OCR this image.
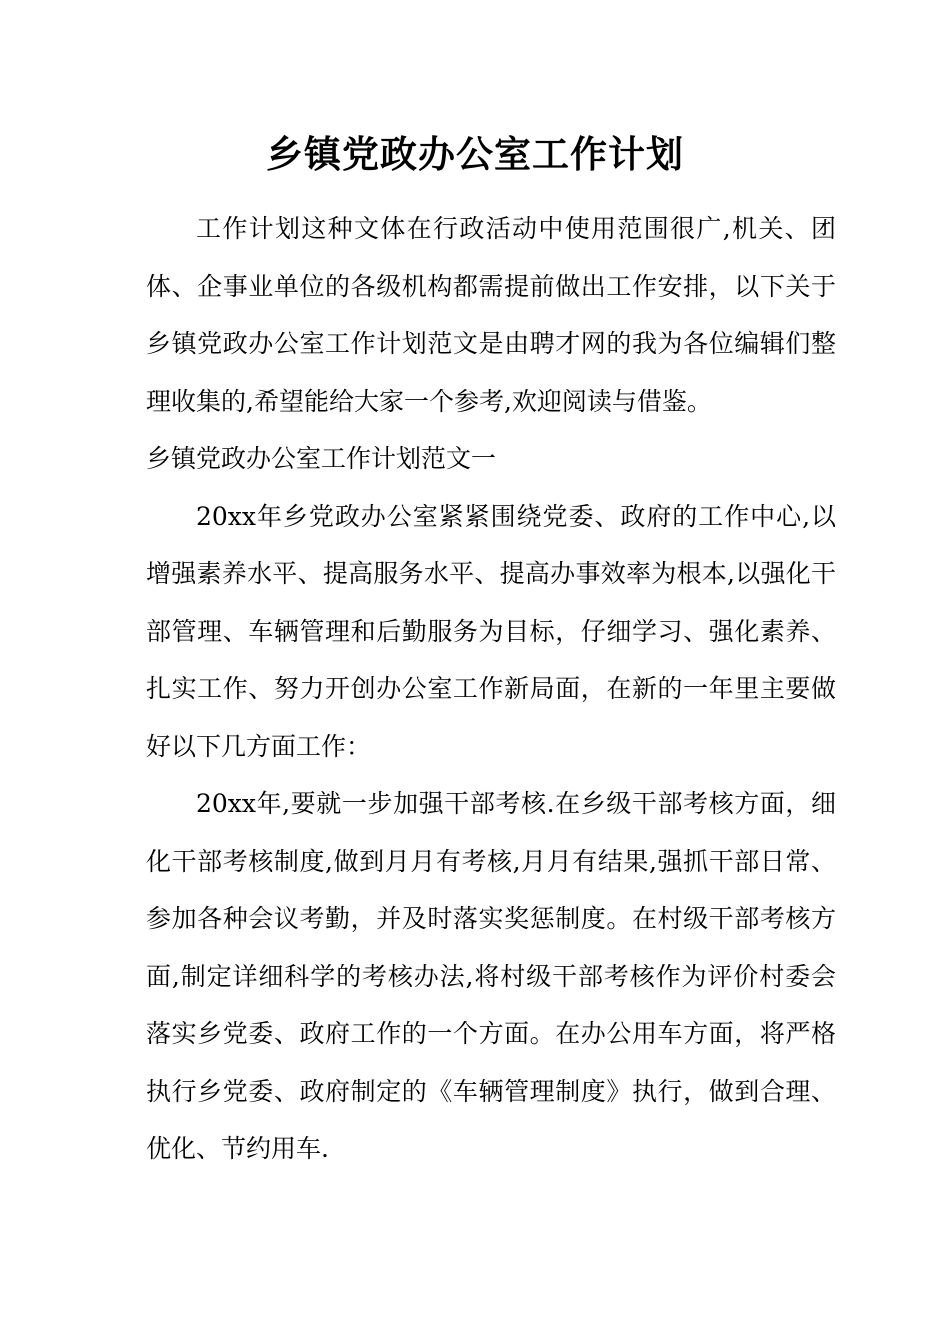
乡镇党政办公室工作计划

工作计划这种文体在行政活动中使用范围很广,机关、团体、企事业单位的各级机构都需提前做出工作安排，以下关于乡镇党政办公室工作计划范文是由聘才网的我为各位编辑们整理收集的,希望能给大家一个参考,欢迎阅读与借鉴。

乡镇党政办公室工作计划范文一

20xx年乡党政办公室紧紧围绕党委、政府的工作中心,以增强素养水平、提高服务水平、提高办事效率为根本,以强化干部管理、车辆管理和后勤服务为目标，仔细学习、强化素养、扎实工作、努力开创办公室工作新局面，在新的一年里主要做好以下几方面工作：

20xx年,要就一步加强干部考核.在乡级干部考核方面，细化干部考核制度,做到月月有考核,月月有结果,强抓干部日常、参加各种会议考勤，并及时落实奖惩制度。在村级干部考核方面,制定详细科学的考核办法,将村级干部考核作为评价村委会落实乡党委、政府工作的一个方面。在办公用车方面，将严格执行乡党委、政府制定的《车辆管理制度》执行，做到合理、优化、节约用车.
